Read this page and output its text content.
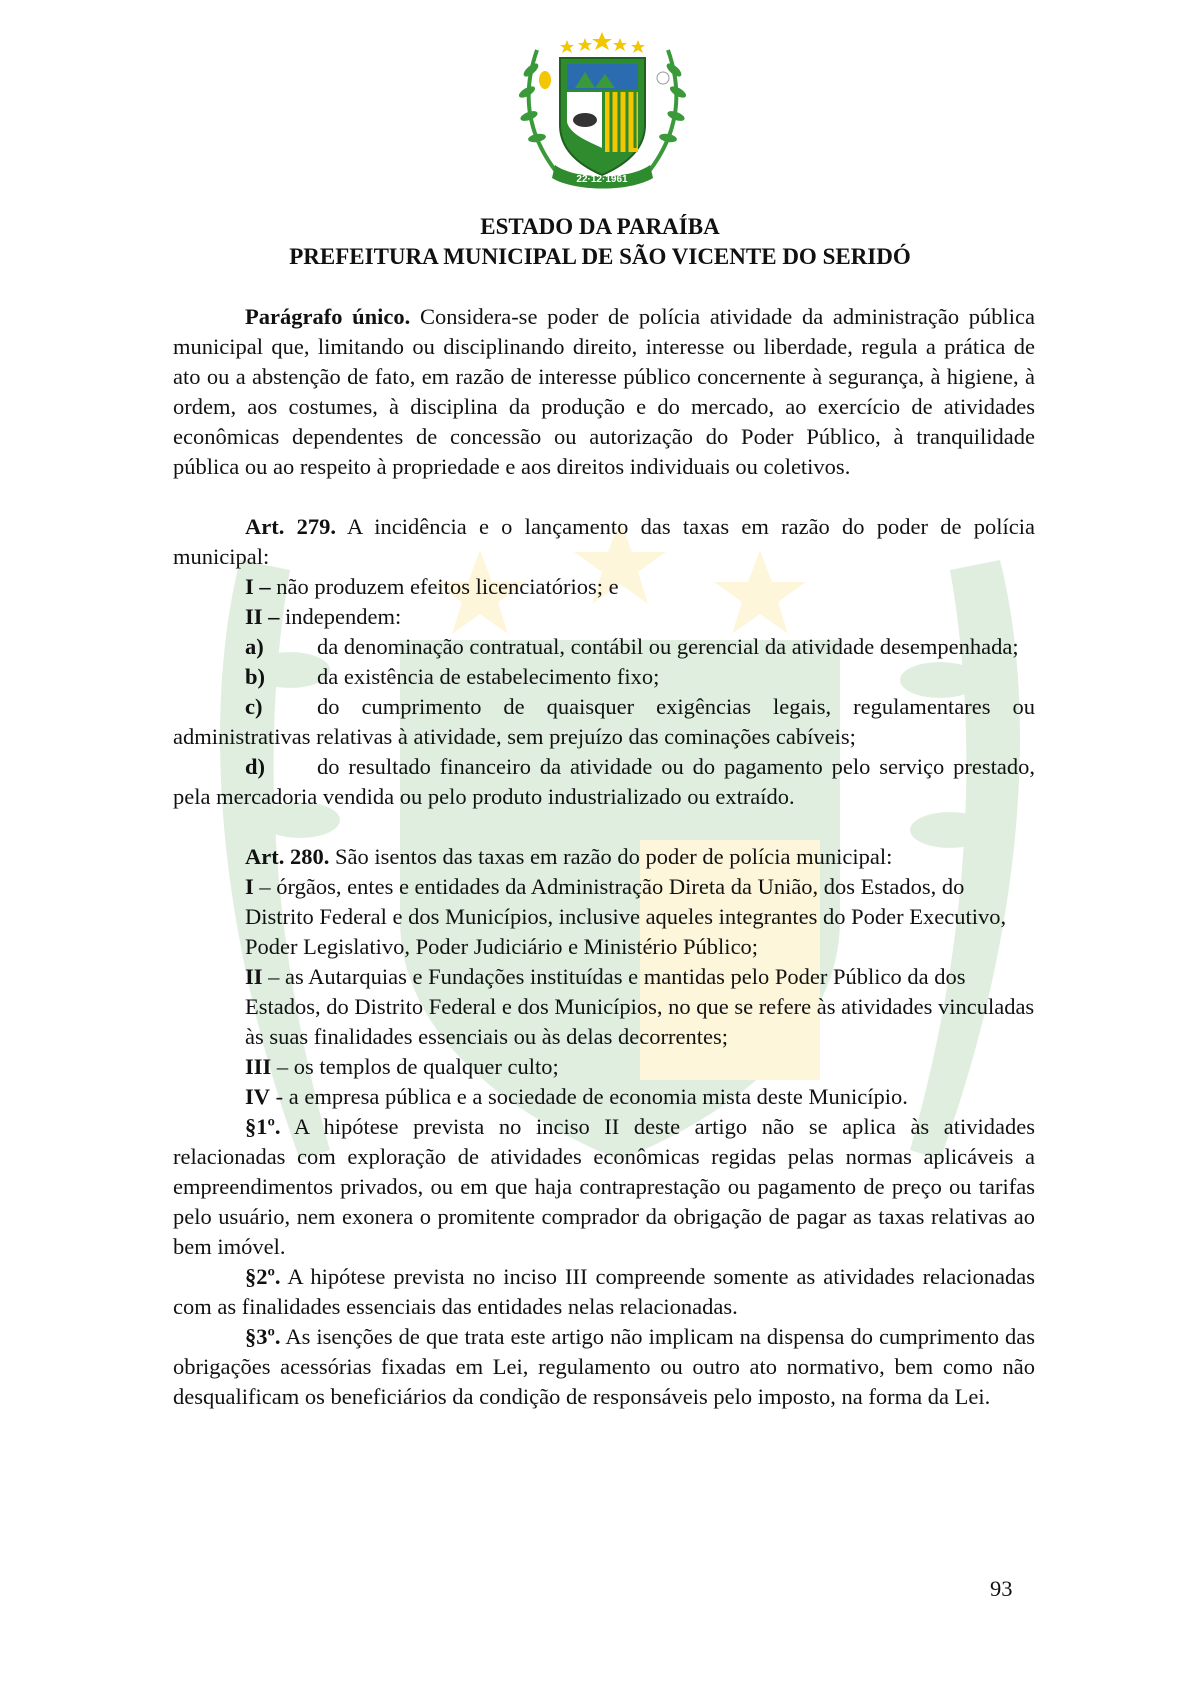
22·12·1961
ESTADO DA PARAÍBA
PREFEITURA MUNICIPAL DE SÃO VICENTE DO SERIDÓ

Parágrafo único. Considera-se poder de polícia atividade da administração pública municipal que, limitando ou disciplinando direito, interesse ou liberdade, regula a prática de ato ou a abstenção de fato, em razão de interesse público concernente à segurança, à higiene, à ordem, aos costumes, à disciplina da produção e do mercado, ao exercício de atividades econômicas dependentes de concessão ou autorização do Poder Público, à tranquilidade pública ou ao respeito à propriedade e aos direitos individuais ou coletivos.

Art. 279. A incidência e o lançamento das taxas em razão do poder de polícia municipal:

I – não produzem efeitos licenciatórios; e

II – independem:

a) da denominação contratual, contábil ou gerencial da atividade desempenhada;

b) da existência de estabelecimento fixo;

c) do cumprimento de quaisquer exigências legais, regulamentares ou administrativas relativas à atividade, sem prejuízo das cominações cabíveis;

d) do resultado financeiro da atividade ou do pagamento pelo serviço prestado, pela mercadoria vendida ou pelo produto industrializado ou extraído.

Art. 280. São isentos das taxas em razão do poder de polícia municipal:

I – órgãos, entes e entidades da Administração Direta da União, dos Estados, do Distrito Federal e dos Municípios, inclusive aqueles integrantes do Poder Executivo, Poder Legislativo, Poder Judiciário e Ministério Público;

II – as Autarquias e Fundações instituídas e mantidas pelo Poder Público da dos Estados, do Distrito Federal e dos Municípios, no que se refere às atividades vinculadas às suas finalidades essenciais ou às delas decorrentes;

III – os templos de qualquer culto;

IV - a empresa pública e a sociedade de economia mista deste Município.

§1º. A hipótese prevista no inciso II deste artigo não se aplica às atividades relacionadas com exploração de atividades econômicas regidas pelas normas aplicáveis a empreendimentos privados, ou em que haja contraprestação ou pagamento de preço ou tarifas pelo usuário, nem exonera o promitente comprador da obrigação de pagar as taxas relativas ao bem imóvel.

§2º. A hipótese prevista no inciso III compreende somente as atividades relacionadas com as finalidades essenciais das entidades nelas relacionadas.

§3º. As isenções de que trata este artigo não implicam na dispensa do cumprimento das obrigações acessórias fixadas em Lei, regulamento ou outro ato normativo, bem como não desqualificam os beneficiários da condição de responsáveis pelo imposto, na forma da Lei.

93
